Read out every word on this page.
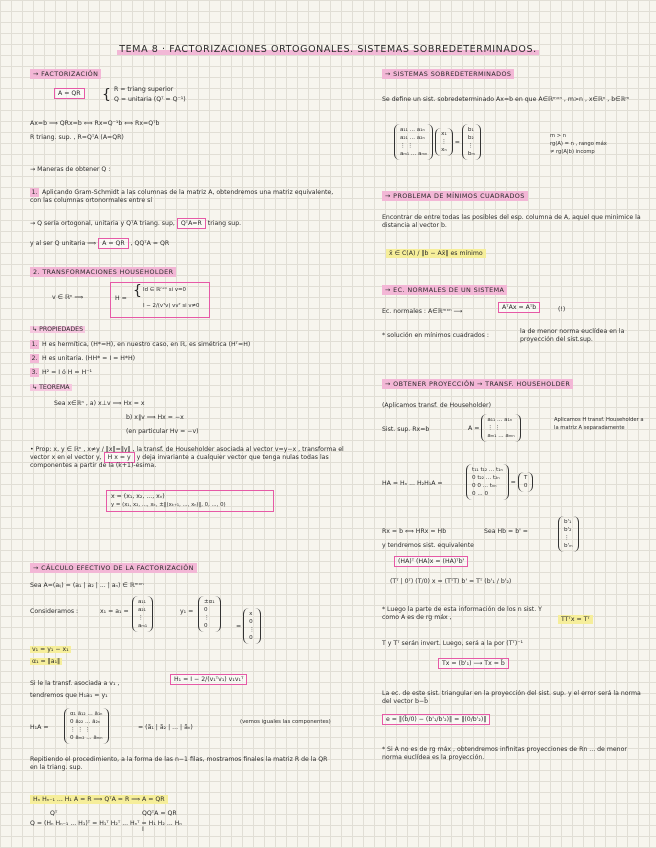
TEMA 8 · FACTORIZACIONES ORTOGONALES. SISTEMAS SOBREDETERMINADOS.
→ FACTORIZACIÓN
A = QR { R = triang superior
Q = unitaria (Qᵀ = Q⁻¹)
Ax=b ⟹ QRx=b ⟺ Rx=Q⁻¹b ⟺ Rx=Qᵀb
R triang. sup. , R=QᵀA (A=QR)
→ Maneras de obtener Q :
1. Aplicando Gram-Schmidt a las columnas de la matriz A, obtendremos una matriz equivalente, con las columnas ortonormales entre sí
→ Q sería ortogonal, unitaria y QᵀA triang. sup, QᵀA=R triang sup.
y al ser Q unitaria ⟹ A = QR , QQᵀA = QR
2. TRANSFORMACIONES HOUSEHOLDER
v ∈ ℝⁿ ⟹	H = { Id ∈ ℝⁿˣⁿ si v=0
I − 2/(vᵀv) vvᵀ si v≠0
↳ PROPIEDADES
1. H es hermítica, (H*=H), en nuestro caso, en ℝ, es simétrica (Hᵀ=H)
2. H es unitaria. (HH* = I = H*H)
3. H² = I ó H = H⁻¹
↳ TEOREMA
Sea x∈ℝⁿ , a) x⊥v ⟹ Hx = x
b) x∥v ⟹ Hx = −x
(en particular Hv = −v)
• Prop: x, y ∈ ℝⁿ , x≠y / ‖x‖=‖y‖ , la transf. de Householder asociada al vector v=y−x , transforma el vector x en el vector y, H x = y y deja invariante a cualquier vector que tenga nulas todas las componentes a partir de la (k+1)-ésima.
x = (x₁, x₂, ..., xₙ)
y = (x₁, x₂, ..., xₖ, ±‖(xₖ₊₁, ..., xₙ)‖, 0, ..., 0)
→ CÁLCULO EFECTIVO DE LA FACTORIZACIÓN
Sea A=(aᵢⱼ) = (a₁ | a₂ | ... | aₙ) ∈ ℝᵐˣⁿ
Consideramos :	x₁ = a₁ =
a₁₁
a₂₁
⋮
aₘ₁
y₁ =
±α₁
0
⋮
0	= x
0
⋮
0
v₁ = y₁ − x₁
α₁ = ‖a₁‖
Si le la transf. asociada a v₁ ,
H₁ = I − 2/(v₁ᵀv₁) v₁v₁ᵀ
tendremos que H₁a₁ = y₁
H₁A =
α₁ ã₁₂ ... ã₁ₙ
0 ã₂₂ ... ã₂ₙ
⋮ ⋮ ⋮
0 ãₘ₂ ... ãₘₙ
= (ã₁ | ã₂ | ... | ãₙ)
(vemos iguales las componentes)
Repitiendo el procedimiento, a la forma de las n−1 filas, mostramos finales la matriz R de la QR en la triang. sup.
Hₙ Hₙ₋₁ ... H₁ A = R ⟹ QᵀA = R ⟹ A = QR
Qᵀ	QQᵀA = QR
I
Q = (Hₙ Hₙ₋₁ ... H₁)ᵀ = H₁ᵀ H₂ᵀ ... Hₙᵀ = H₁ H₂ ... Hₙ
→ SISTEMAS SOBREDETERMINADOS
Se define un sist. sobredeterminado Ax=b en que A∈ℝᵐˣⁿ , m>n , x∈ℝⁿ , b∈ℝᵐ
a₁₁ ... a₁ₙ
a₂₁ ... a₂ₙ
⋮ ⋮
aₘ₁ ... aₘₙ x₁
⋮
xₙ = b₁
b₂
⋮
bₘ
m > n
rg(A) = n , rango máx
≠ rg(A|b) incomp
→ PROBLEMA DE MÍNIMOS CUADRADOS
Encontrar de entre todas las posibles del esp. columna de A, aquel que minimice la distancia al vector b.
x̄ ∈ C(A) / ‖b − Ax̄‖ es mínimo
→ EC. NORMALES DE UN SISTEMA
Ec. normales : A∈ℝᵐˣⁿ ⟶
AᵀAx = Aᵀb	(!)
* solución en mínimos cuadrados :
la de menor norma euclídea en la proyección del sist.sup.
→ OBTENER PROYECCIÓN → TRANSF. HOUSEHOLDER
(Aplicamos transf. de Householder)
Sist. sup. Rx=b	A = a₁₁ ... a₁ₙ
⋮ ⋮
aₘ₁ ... aₘₙ
Aplicamos H transf. Householder a la matriz A separadamente
HA = Hₙ ... H₂H₁A =
t₁₁ t₁₂ ... t₁ₙ
0 t₂₂ ... t₂ₙ
0 0 ... tₙₙ
0 ... 0 = T
0
Rx = b ⟺ HRx = Hb	Sea Hb = b' =
b'₁
b'₂
⋮
b'ₘ
y tendremos sist. equivalente
(HA)ᵀ (HA)x = (HA)ᵀb'
(Tᵀ | 0ᵀ) (T/0) x = (TᵀT) b' = Tᵀ (b'₁ / b'₂)
* Luego la parte de esta información de los n sist. Y como A es de rg máx ,	TTᵀx = Tᵀ
T y Tᵀ serán invert. Luego, será a la por (Tᵀ)⁻¹
Tx = (b'₁) ⟶ Tx = b̄
La ec. de este sist. triangular en la proyección del sist. sup. y el error será la norma del vector b−b̄
e = ‖(b̄/0) − (b'₁/b'₂)‖ = ‖(0/b'₂)‖
* Si A no es de rg máx , obtendremos infinitas proyecciones de Rn ... de menor norma euclídea es la proyección.
